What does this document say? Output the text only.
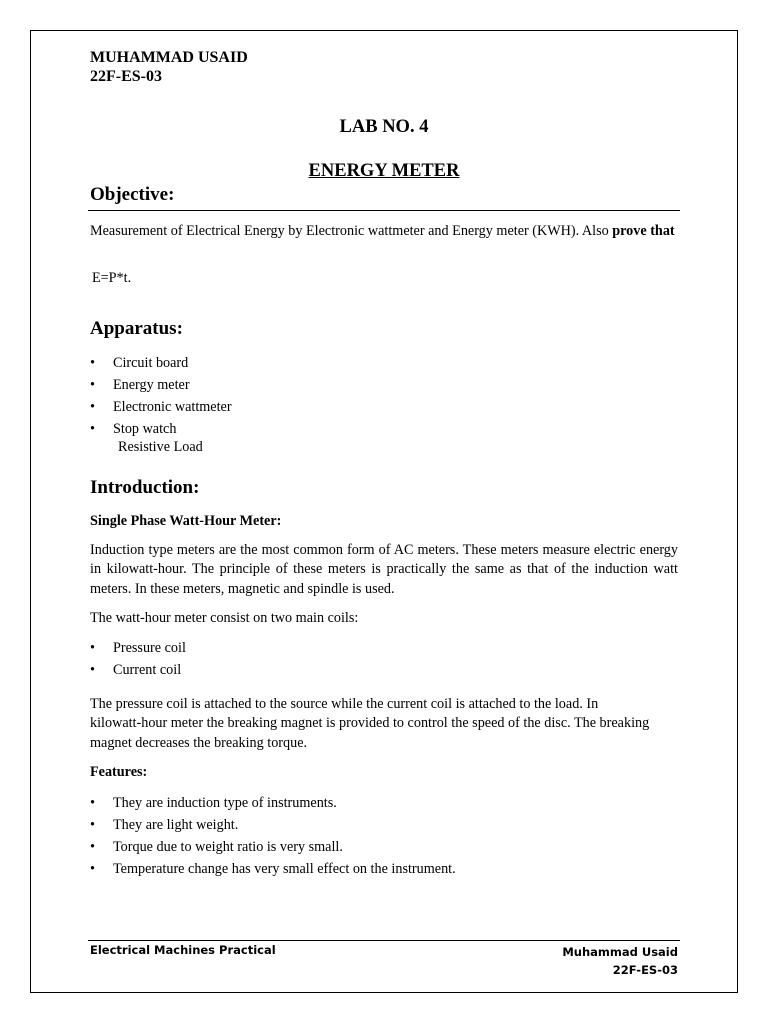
MUHAMMAD USAID
22F-ES-03
LAB NO. 4
ENERGY METER
Objective:
Measurement of Electrical Energy by Electronic wattmeter and Energy meter (KWH). Also prove that
E=P*t.
Apparatus:
• Circuit board
• Energy meter
• Electronic wattmeter
• Stop watch
Resistive Load
Introduction:
Single Phase Watt-Hour Meter:
Induction type meters are the most common form of AC meters. These meters measure electric energy in kilowatt-hour. The principle of these meters is practically the same as that of the induction watt meters. In these meters, magnetic and spindle is used.
The watt-hour meter consist on two main coils:
• Pressure coil
• Current coil
The pressure coil is attached to the source while the current coil is attached to the load. In kilowatt-hour meter the breaking magnet is provided to control the speed of the disc. The breaking magnet decreases the breaking torque.
Features:
• They are induction type of instruments.
• They are light weight.
• Torque due to weight ratio is very small.
• Temperature change has very small effect on the instrument.
Electrical Machines Practical	Muhammad Usaid
22F-ES-03
